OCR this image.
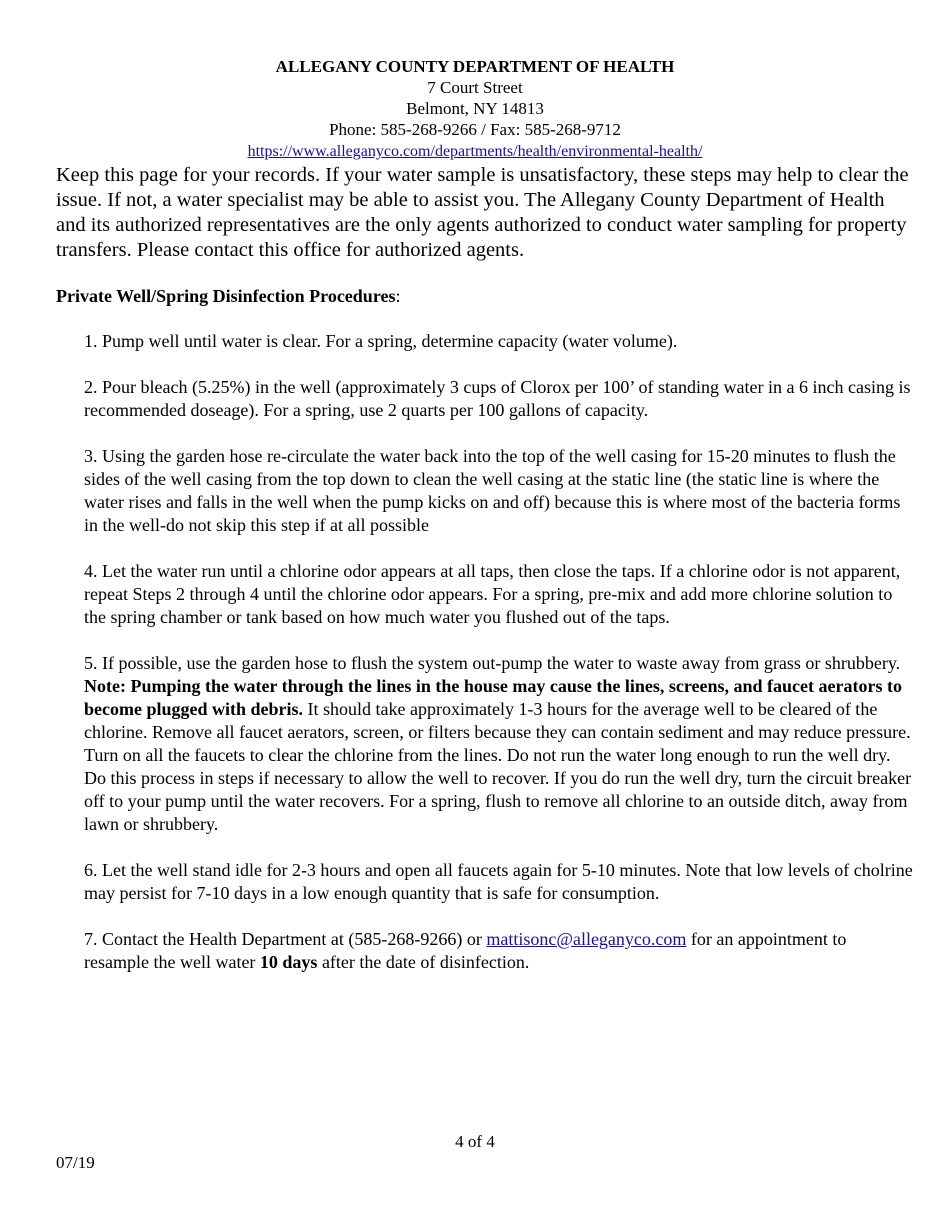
ALLEGANY COUNTY DEPARTMENT OF HEALTH
7 Court Street
Belmont, NY 14813
Phone: 585-268-9266 / Fax: 585-268-9712
https://www.alleganyco.com/departments/health/environmental-health/

Keep this page for your records. If your water sample is unsatisfactory, these steps may help to clear the issue. If not, a water specialist may be able to assist you. The Allegany County Department of Health and its authorized representatives are the only agents authorized to conduct water sampling for property transfers. Please contact this office for authorized agents.

Private Well/Spring Disinfection Procedures:

1. Pump well until water is clear. For a spring, determine capacity (water volume).

2. Pour bleach (5.25%) in the well (approximately 3 cups of Clorox per 100’ of standing water in a 6 inch casing is recommended doseage). For a spring, use 2 quarts per 100 gallons of capacity.

3. Using the garden hose re-circulate the water back into the top of the well casing for 15-20 minutes to flush the sides of the well casing from the top down to clean the well casing at the static line (the static line is where the water rises and falls in the well when the pump kicks on and off) because this is where most of the bacteria forms in the well-do not skip this step if at all possible

4. Let the water run until a chlorine odor appears at all taps, then close the taps. If a chlorine odor is not apparent, repeat Steps 2 through 4 until the chlorine odor appears. For a spring, pre-mix and add more chlorine solution to the spring chamber or tank based on how much water you flushed out of the taps.

5. If possible, use the garden hose to flush the system out-pump the water to waste away from grass or shrubbery. Note: Pumping the water through the lines in the house may cause the lines, screens, and faucet aerators to become plugged with debris. It should take approximately 1-3 hours for the average well to be cleared of the chlorine. Remove all faucet aerators, screen, or filters because they can contain sediment and may reduce pressure. Turn on all the faucets to clear the chlorine from the lines. Do not run the water long enough to run the well dry. Do this process in steps if necessary to allow the well to recover. If you do run the well dry, turn the circuit breaker off to your pump until the water recovers. For a spring, flush to remove all chlorine to an outside ditch, away from lawn or shrubbery.

6. Let the well stand idle for 2-3 hours and open all faucets again for 5-10 minutes. Note that low levels of cholrine may persist for 7-10 days in a low enough quantity that is safe for consumption.

7. Contact the Health Department at (585-268-9266) or mattisonc@alleganyco.com for an appointment to resample the well water 10 days after the date of disinfection.

4 of 4
07/19
